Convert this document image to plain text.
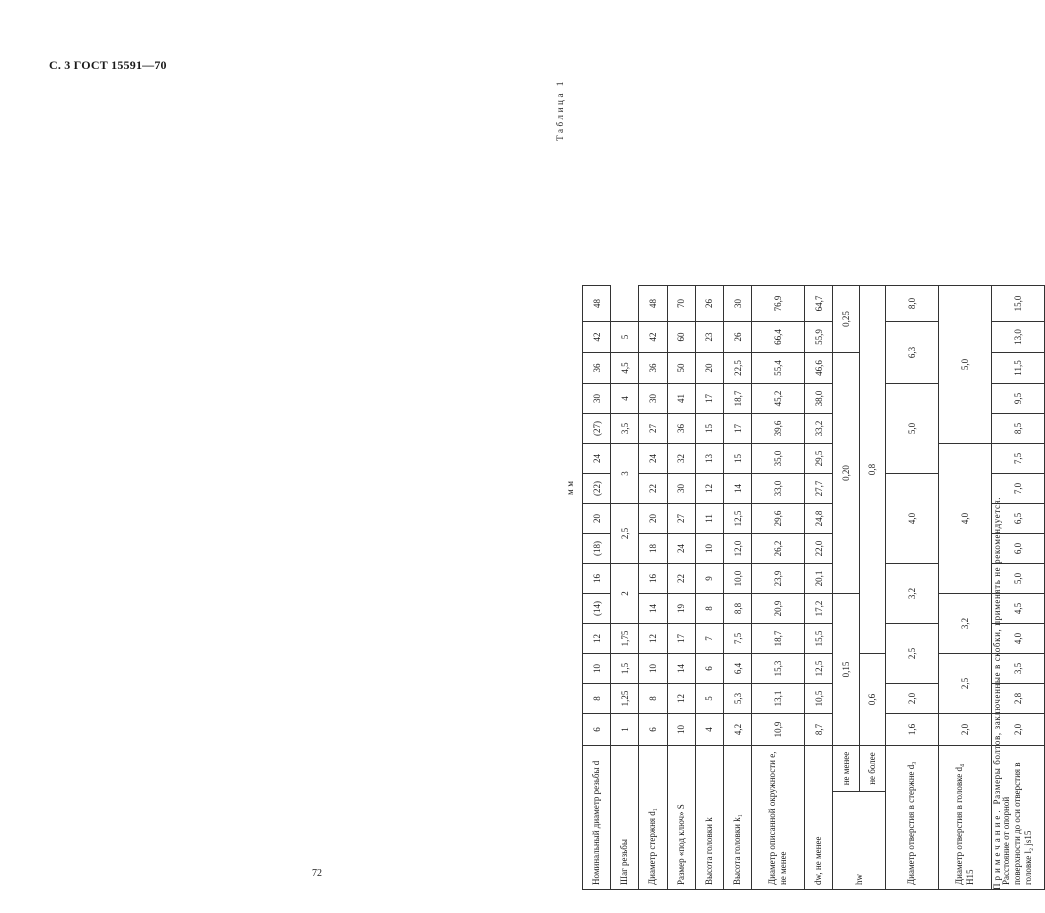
С. 3 ГОСТ 15591—70
72
Таблица 1
мм
Номинальный диаметр резьбы d		6	8	10	12	(14)	16	(18)	20	(22)	24	(27)	30	36	42	48
Шаг резьбы		1	1,25	1,5	1,75	2		2,5		3		3,5	4	4,5	5	
Диаметр стержня d₁		6	8	10	12	14	16	18	20	22	24	27	30	36	42	48
Размер «под ключ» S		10	12	14	17	19	22	24	27	30	32	36	41	50	60	70
Высота головки k		4	5	6	7	8	9	10	11	12	13	15	17	20	23	26
Высота головки k₁		4,2	5,3	6,4	7,5	8,8	10,0	12,0	12,5	14	15	17	18,7	22,5	26	30
Диаметр описанной окружности e, не менее		10,9	13,1	15,3	18,7	20,9	23,9	26,2	29,6	33,0	35,0	39,6	45,2	55,4	66,4	76,9
dw, не менее		8,7	10,5	12,5	15,5	17,2	20,1	22,0	24,8	27,7	29,5	33,2	38,0	46,6	55,9	64,7
hw	не менее	0,15					0,20								0,25	
	не более	0,6			0,8											
Диаметр отверстия в стержне d₃		1,6	2,0	2,5		3,2		4,0			5,0			6,3		8,0
Диаметр отверстия в головке d₄ H15		2,0	2,5		3,2		4,0					5,0				
Расстояние от опорной поверхности до оси отверстия в головке l₂ js15		2,0	2,8	3,5	4,0	4,5	5,0	6,0	6,5	7,0	7,5	8,5	9,5	11,5	13,0	15,0
Примечание. Размеры болтов, заключенные в скобки, применять не рекомендуется.
